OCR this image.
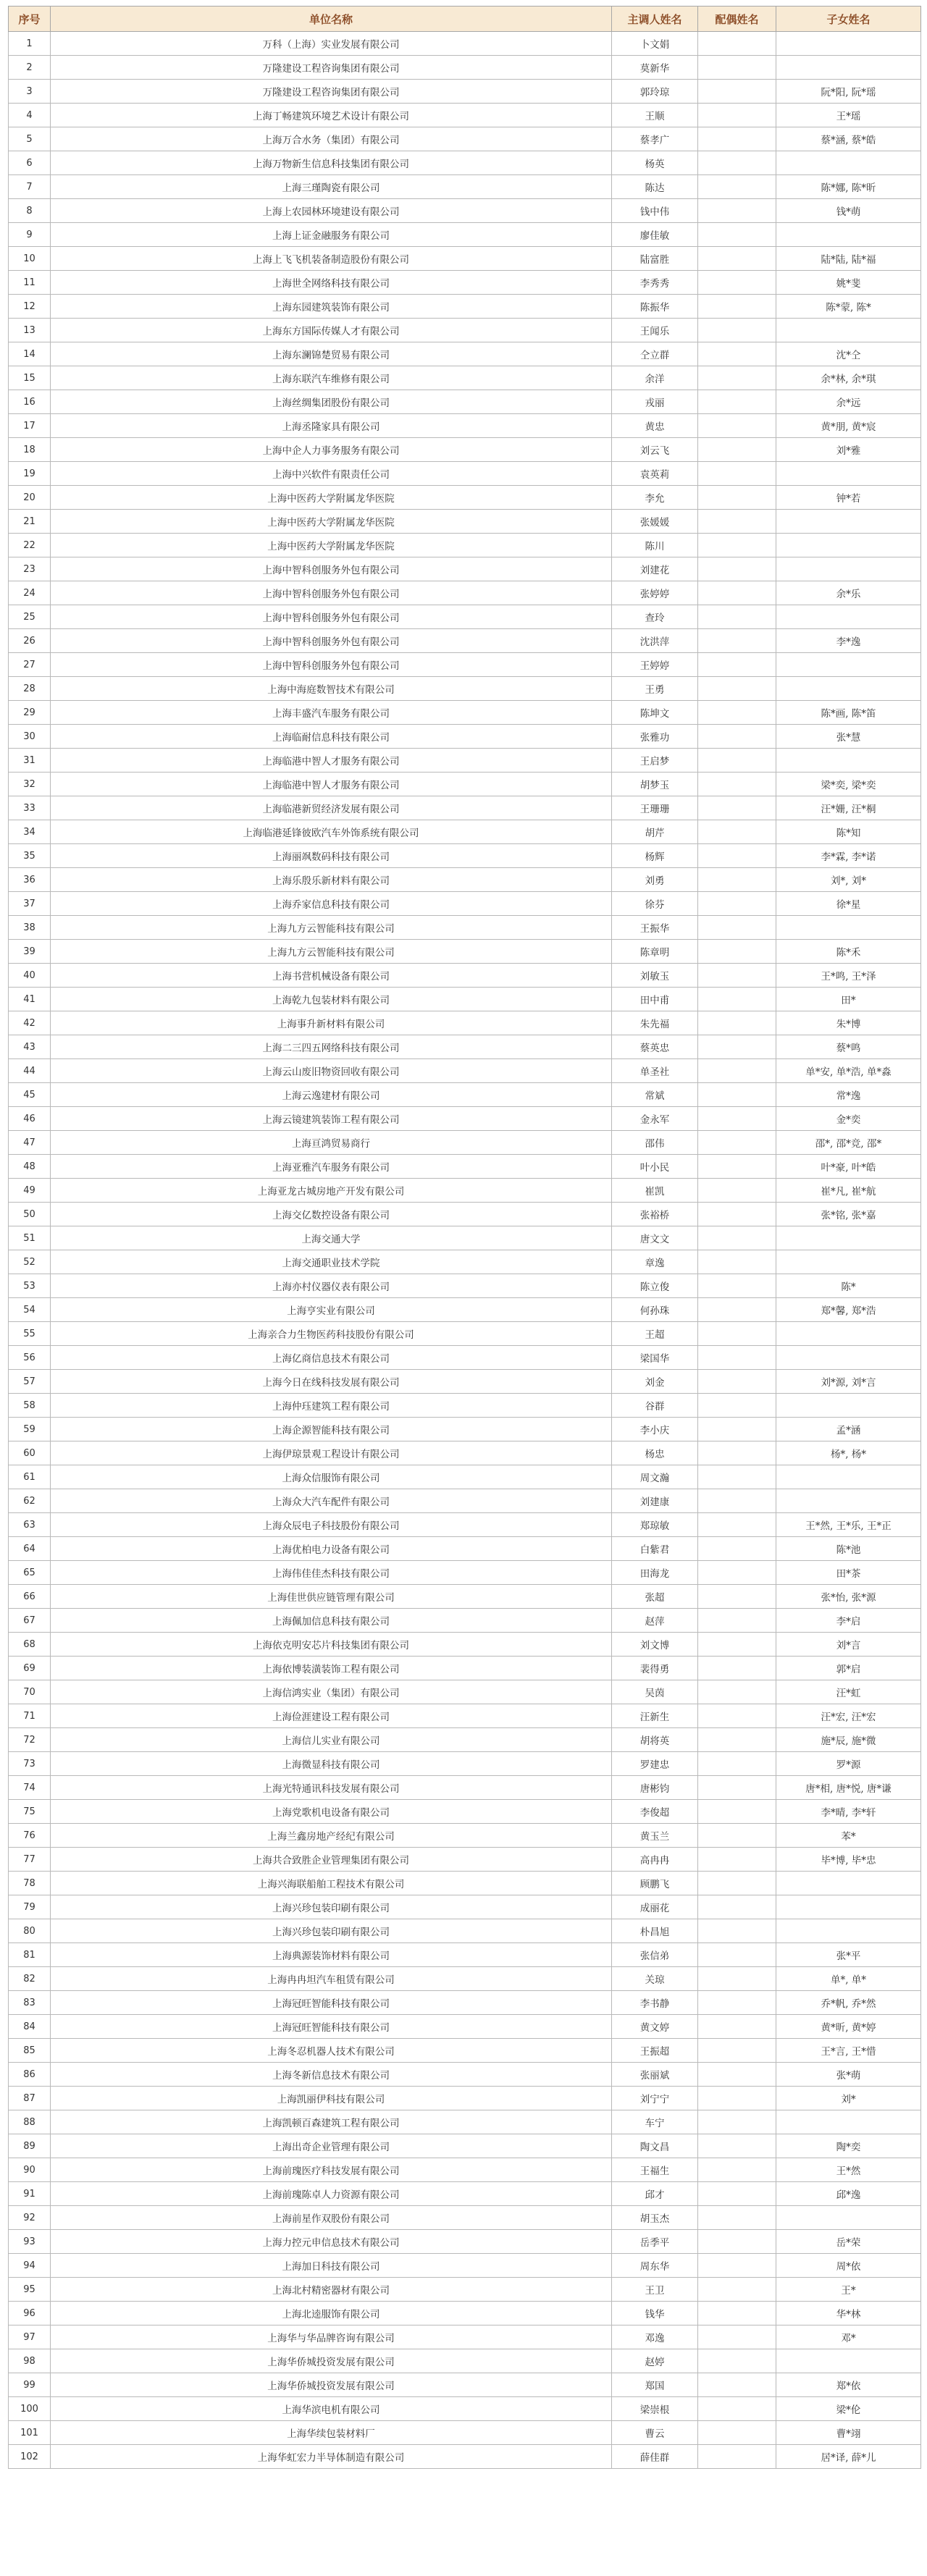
序号	单位名称	主调人姓名	配偶姓名	子女姓名
1	万科（上海）实业发展有限公司	卜文娟		
2	万隆建设工程咨询集团有限公司	莫新华		
3	万隆建设工程咨询集团有限公司	郭玲琼		阮*阳, 阮*瑶
4	上海丁畅建筑环境艺术设计有限公司	王顺		王*瑶
5	上海万合水务（集团）有限公司	蔡孝广		蔡*涵, 蔡*皓
6	上海万物新生信息科技集团有限公司	杨英		
7	上海三瑾陶瓷有限公司	陈达		陈*娜, 陈*昕
8	上海上农园林环境建设有限公司	钱中伟		钱*萌
9	上海上证金融服务有限公司	廖佳敏		
10	上海上飞飞机装备制造股份有限公司	陆富胜		陆*陆, 陆*福
11	上海世全网络科技有限公司	李秀秀		姚*斐
12	上海东园建筑装饰有限公司	陈振华		陈*蒙, 陈*
13	上海东方国际传媒人才有限公司	王闻乐		
14	上海东澜锦楚贸易有限公司	仝立群		沈*仝
15	上海东联汽车维修有限公司	余洋		余*林, 余*琪
16	上海丝绸集团股份有限公司	戎丽		余*远
17	上海丞隆家具有限公司	黄忠		黄*朋, 黄*宸
18	上海中企人力事务服务有限公司	刘云飞		刘*雅
19	上海中兴软件有限责任公司	袁英莉		
20	上海中医药大学附属龙华医院	李允		钟*若
21	上海中医药大学附属龙华医院	张媛媛		
22	上海中医药大学附属龙华医院	陈川		
23	上海中智科创服务外包有限公司	刘建花		
24	上海中智科创服务外包有限公司	张婷婷		余*乐
25	上海中智科创服务外包有限公司	查玲		
26	上海中智科创服务外包有限公司	沈洪萍		李*逸
27	上海中智科创服务外包有限公司	王婷婷		
28	上海中海庭数智技术有限公司	王勇		
29	上海丰盛汽车服务有限公司	陈坤文		陈*画, 陈*笛
30	上海临耐信息科技有限公司	张雅功		张*慧
31	上海临港中智人才服务有限公司	王启梦		
32	上海临港中智人才服务有限公司	胡梦玉		梁*奕, 梁*奕
33	上海临港新贸经济发展有限公司	王珊珊		汪*姗, 汪*桐
34	上海临港延锋彼欧汽车外饰系统有限公司	胡芹		陈*知
35	上海丽飒数码科技有限公司	杨辉		李*霖, 李*诺
36	上海乐殷乐新材料有限公司	刘勇		刘*, 刘*
37	上海乔家信息科技有限公司	徐芬		徐*星
38	上海九方云智能科技有限公司	王振华		
39	上海九方云智能科技有限公司	陈章明		陈*禾
40	上海书营机械设备有限公司	刘敏玉		王*鸣, 王*泽
41	上海乾九包装材料有限公司	田中甫		田*
42	上海事升新材料有限公司	朱先福		朱*博
43	上海二三四五网络科技有限公司	蔡英忠		蔡*鸣
44	上海云山废旧物资回收有限公司	单圣社		单*安, 单*浩, 单*淼
45	上海云逸建材有限公司	常斌		常*逸
46	上海云镜建筑装饰工程有限公司	金永军		金*奕
47	上海亘鸿贸易商行	邵伟		邵*, 邵*竞, 邵*
48	上海亚雅汽车服务有限公司	叶小民		叶*豪, 叶*皓
49	上海亚龙古城房地产开发有限公司	崔凯		崔*凡, 崔*航
50	上海交亿数控设备有限公司	张裕桥		张*铭, 张*嘉
51	上海交通大学	唐文文		
52	上海交通职业技术学院	章逸		
53	上海亦村仪器仪表有限公司	陈立俊		陈*
54	上海亨实业有限公司	何孙珠		郑*馨, 郑*浩
55	上海亲合力生物医药科技股份有限公司	王超		
56	上海亿商信息技术有限公司	梁国华		
57	上海今日在线科技发展有限公司	刘金		刘*源, 刘*言
58	上海仲珏建筑工程有限公司	谷群		
59	上海企源智能科技有限公司	李小庆		孟*涵
60	上海伊琼景观工程设计有限公司	杨忠		杨*, 杨*
61	上海众信服饰有限公司	周文瀚		
62	上海众大汽车配件有限公司	刘建康		
63	上海众辰电子科技股份有限公司	郑琼敏		王*然, 王*乐, 王*正
64	上海优柏电力设备有限公司	白紫君		陈*池
65	上海伟佳佳杰科技有限公司	田海龙		田*茶
66	上海佳世供应链管理有限公司	张超		张*怡, 张*源
67	上海佩加信息科技有限公司	赵萍		李*启
68	上海依克明安芯片科技集团有限公司	刘文博		刘*言
69	上海依博装潢装饰工程有限公司	裴得勇		郭*启
70	上海信鸿实业（集团）有限公司	吴茵		汪*虹
71	上海俭涯建设工程有限公司	汪新生		汪*宏, 汪*宏
72	上海信儿实业有限公司	胡将英		施*辰, 施*微
73	上海微显科技有限公司	罗建忠		罗*源
74	上海光特通讯科技发展有限公司	唐彬钧		唐*相, 唐*悦, 唐*谦
75	上海党歌机电设备有限公司	李俊超		李*晴, 李*轩
76	上海兰鑫房地产经纪有限公司	黄玉兰		苯*
77	上海共合致胜企业管理集团有限公司	高冉冉		毕*博, 毕*忠
78	上海兴海联船舶工程技术有限公司	顾鹏飞		
79	上海兴珍包装印刷有限公司	成丽花		
80	上海兴珍包装印刷有限公司	朴昌旭		
81	上海典源装饰材料有限公司	张信弟		张*平
82	上海冉冉坦汽车租赁有限公司	关琼		单*, 单*
83	上海冠旺智能科技有限公司	李书静		乔*帆, 乔*然
84	上海冠旺智能科技有限公司	黄文婷		黄*昕, 黄*婷
85	上海冬忍机器人技术有限公司	王振超		王*言, 王*惜
86	上海冬新信息技术有限公司	张丽斌		张*萌
87	上海凯丽伊科技有限公司	刘宁宁		刘*
88	上海凯顿百森建筑工程有限公司	车宁		
89	上海出奇企业管理有限公司	陶文昌		陶*奕
90	上海前瑰医疗科技发展有限公司	王福生		王*然
91	上海前瑰陈卓人力资源有限公司	邱才		邱*逸
92	上海前星作双股份有限公司	胡玉杰		
93	上海力控元申信息技术有限公司	岳季平		岳*荣
94	上海加日科技有限公司	周东华		周*依
95	上海北村精密器材有限公司	王卫		王*
96	上海北逵服饰有限公司	钱华		华*林
97	上海华与华品牌咨询有限公司	邓逸		邓*
98	上海华侨城投资发展有限公司	赵婷		
99	上海华侨城投资发展有限公司	郑国		郑*依
100	上海华滨电机有限公司	梁崇根		梁*伦
101	上海华续包装材料厂	曹云		曹*翊
102	上海华虹宏力半导体制造有限公司	薛佳群		居*译, 薛*儿
